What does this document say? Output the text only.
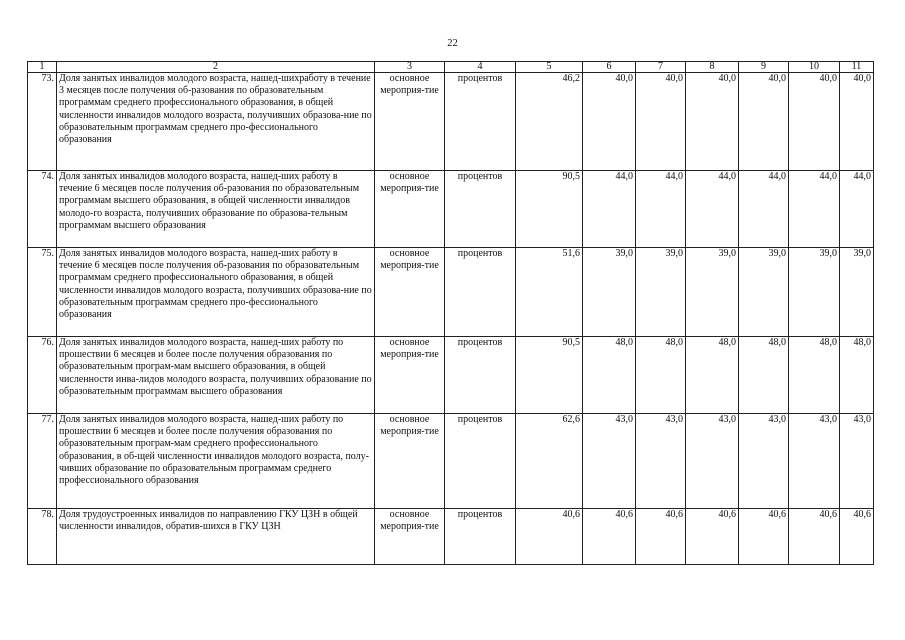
22
1	2	3	4	5	6	7	8	9	10	11
73.	Доля занятых инвалидов молодого возраста, нашед-шихработу в течение 3 месяцев после получения об-разования по образовательным программам среднего профессионального образования, в общей численности инвалидов молодого возраста, получивших образова-ние по образовательным программам среднего про-фессионального образования	основное мероприя-тие	процентов	46,2	40,0	40,0	40,0	40,0	40,0	40,0
74.	Доля занятых инвалидов молодого возраста, нашед-ших работу в течение 6 месяцев после получения об-разования по образовательным программам высшего образования, в общей численности инвалидов молодо-го возраста, получивших образование по образова-тельным программам высшего образования	основное мероприя-тие	процентов	90,5	44,0	44,0	44,0	44,0	44,0	44,0
75.	Доля занятых инвалидов молодого возраста, нашед-ших работу в течение 6 месяцев после получения об-разования по образовательным программам среднего профессионального образования, в общей численности инвалидов молодого возраста, получивших образова-ние по образовательным программам среднего про-фессионального образования	основное мероприя-тие	процентов	51,6	39,0	39,0	39,0	39,0	39,0	39,0
76.	Доля занятых инвалидов молодого возраста, нашед-ших работу по прошествии 6 месяцев и более после получения образования по образовательным програм-мам высшего образования, в общей численности инва-лидов молодого возраста, получивших образование по образовательным программам высшего образования	основное мероприя-тие	процентов	90,5	48,0	48,0	48,0	48,0	48,0	48,0
77.	Доля занятых инвалидов молодого возраста, нашед-ших работу по прошествии 6 месяцев и более после получения образования по образовательным програм-мам среднего профессионального образования, в об-щей численности инвалидов молодого возраста, полу-чивших образование по образовательным программам среднего профессионального образования	основное мероприя-тие	процентов	62,6	43,0	43,0	43,0	43,0	43,0	43,0
78.	Доля трудоустроенных инвалидов по направлению ГКУ ЦЗН в общей численности инвалидов, обратив-шихся в ГКУ ЦЗН	основное мероприя-тие	процентов	40,6	40,6	40,6	40,6	40,6	40,6	40,6
